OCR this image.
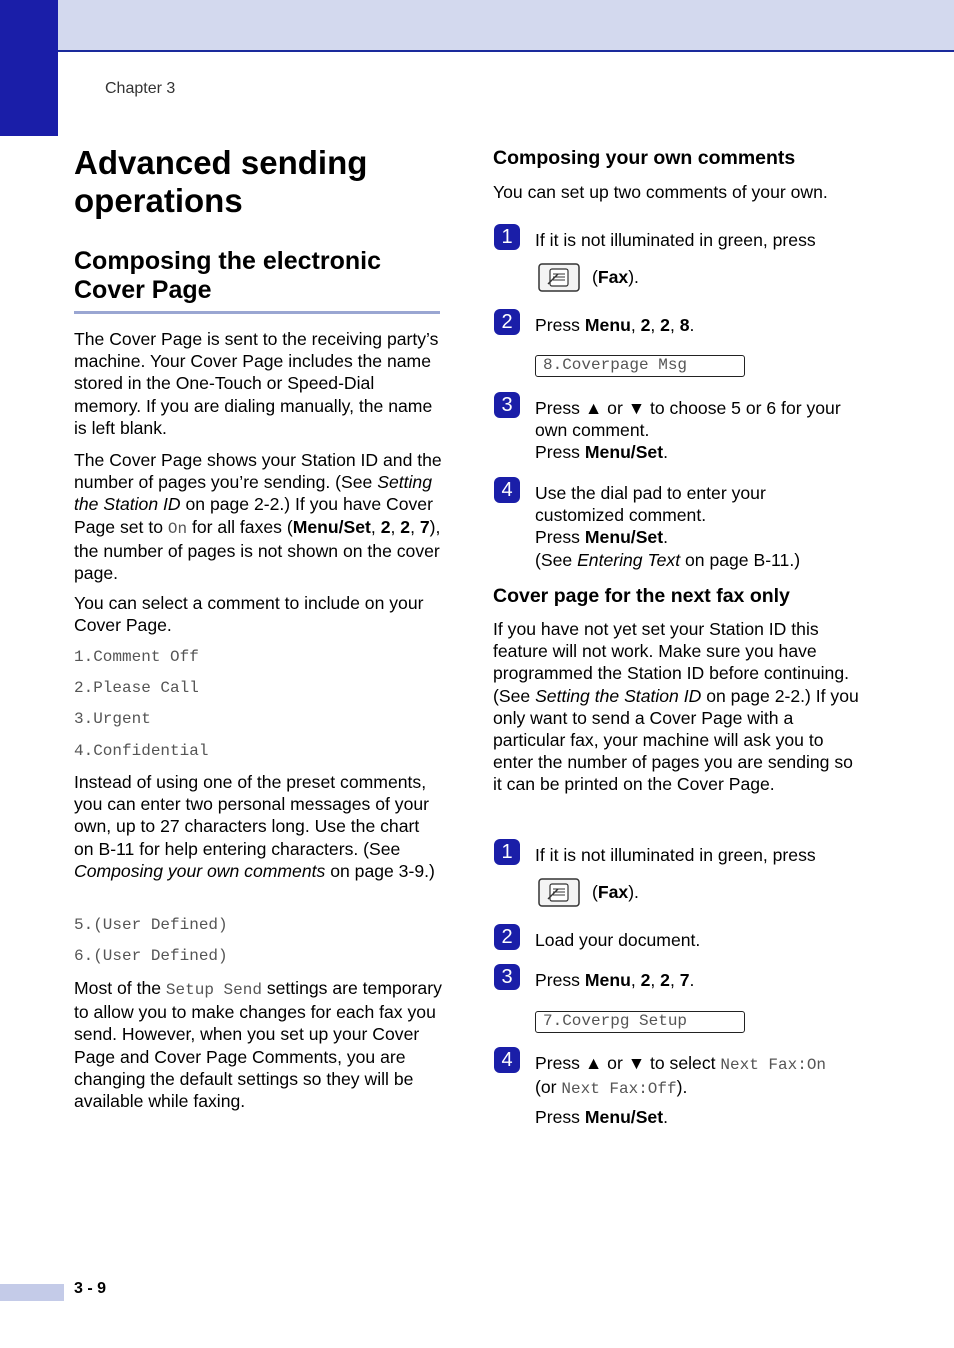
Chapter 3
Advanced sending operations
Composing the electronic Cover Page
The Cover Page is sent to the receiving party’s machine. Your Cover Page includes the name stored in the One-Touch or Speed-Dial memory. If you are dialing manually, the name is left blank.
The Cover Page shows your Station ID and the number of pages you’re sending. (See Setting the Station ID on page 2-2.) If you have Cover Page set to On for all faxes (Menu/Set, 2, 2, 7), the number of pages is not shown on the cover page.
You can select a comment to include on your Cover Page.
1.Comment Off
2.Please Call
3.Urgent
4.Confidential
Instead of using one of the preset comments, you can enter two personal messages of your own, up to 27 characters long. Use the chart on B-11 for help entering characters. (See Composing your own comments on page 3-9.)
5.(User Defined)
6.(User Defined)
Most of the Setup Send settings are temporary to allow you to make changes for each fax you send. However, when you set up your Cover Page and Cover Page Comments, you are changing the default settings so they will be available while faxing.
Composing your own comments
You can set up two comments of your own.
1	If it is not illuminated in green, press
(Fax).
2	Press Menu, 2, 2, 8.
8.Coverpage Msg
3	Press ▲ or ▼ to choose 5 or 6 for your own comment.
Press Menu/Set.
4	Use the dial pad to enter your customized comment.
Press Menu/Set.
(See Entering Text on page B-11.)
Cover page for the next fax only
If you have not yet set your Station ID this feature will not work. Make sure you have programmed the Station ID before continuing. (See Setting the Station ID on page 2-2.) If you only want to send a Cover Page with a particular fax, your machine will ask you to enter the number of pages you are sending so it can be printed on the Cover Page.
1	If it is not illuminated in green, press
(Fax).
2	Load your document.
3	Press Menu, 2, 2, 7.
7.Coverpg Setup
4	Press ▲ or ▼ to select Next Fax:On
(or Next Fax:Off).
Press Menu/Set.
3 - 9
